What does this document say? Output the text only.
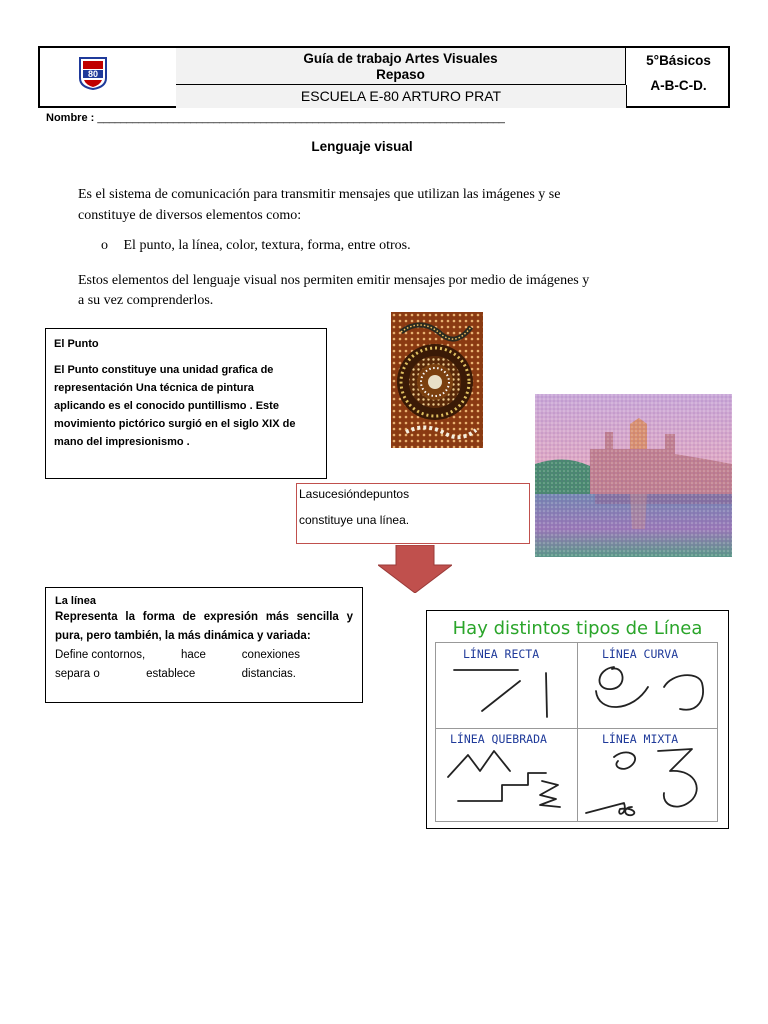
80
Guía de trabajo Artes Visuales
Repaso
ESCUELA E-80 ARTURO PRAT
5°Básicos
A-B-C-D.
Nombre : ______________________________________________________________________
Lenguaje visual
Es el sistema de comunicación para transmitir mensajes que utilizan las imágenes y se
constituye de diversos elementos como:
o El punto, la línea, color, textura, forma, entre otros.
Estos elementos del lenguaje visual nos permiten emitir mensajes por medio de imágenes y
a su vez comprenderlos.
El Punto
El Punto constituye una unidad grafica de
representación Una técnica de pintura
aplicando es el conocido puntillismo . Este
movimiento pictórico surgió en el siglo XIX de
mano del impresionismo .
Lasucesióndepuntos
constituye una línea.
La línea
Representa la forma de expresión más sencilla y
pura, pero también, la más dinámica y variada:
Define contornos,	hace	conexiones
separa o	establece	distancias.
Hay distintos tipos de Línea
LÍNEA RECTA	LÍNEA CURVA
LÍNEA QUEBRADA	LÍNEA MIXTA
